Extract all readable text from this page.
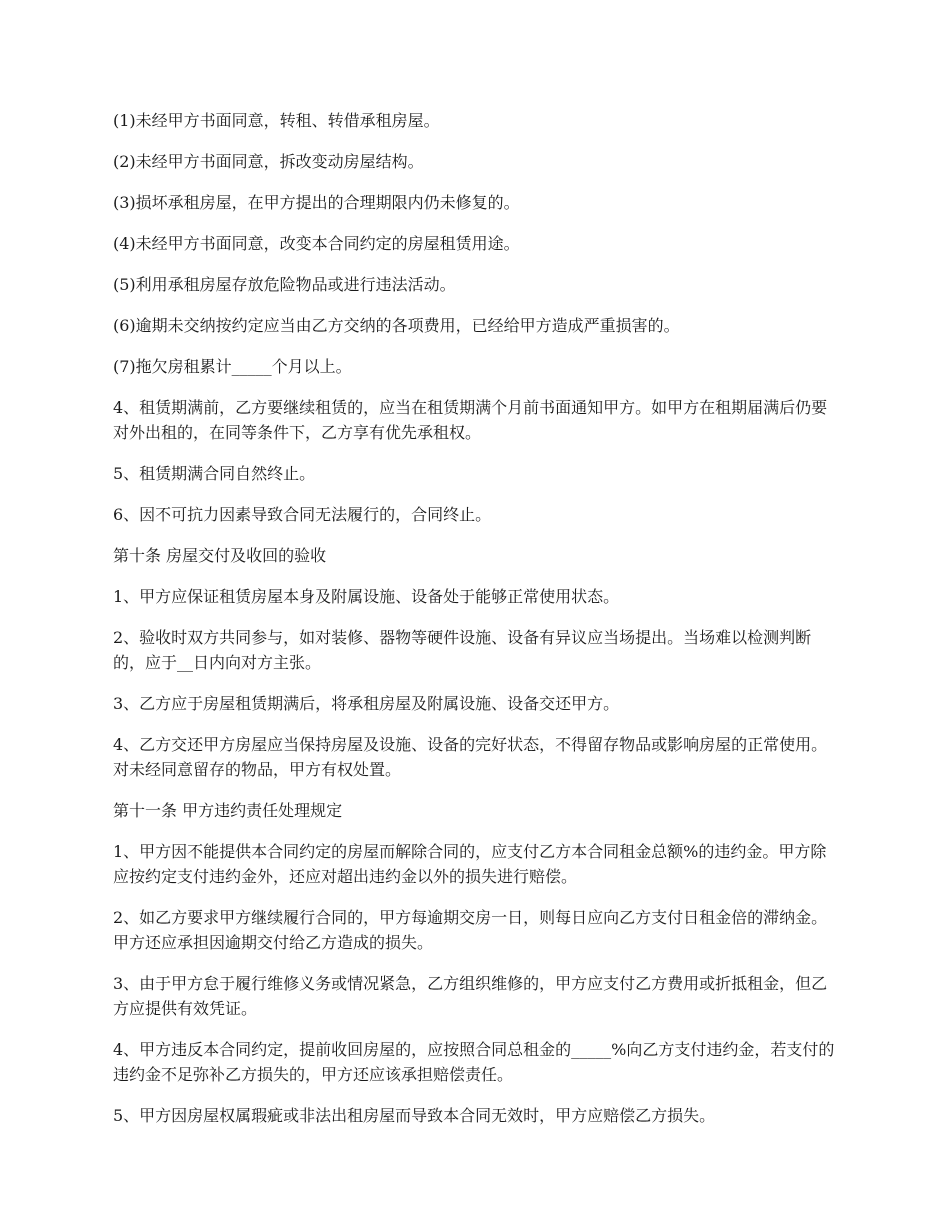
(1)未经甲方书面同意，转租、转借承租房屋。

(2)未经甲方书面同意，拆改变动房屋结构。

(3)损坏承租房屋，在甲方提出的合理期限内仍未修复的。

(4)未经甲方书面同意，改变本合同约定的房屋租赁用途。

(5)利用承租房屋存放危险物品或进行违法活动。

(6)逾期未交纳按约定应当由乙方交纳的各项费用，已经给甲方造成严重损害的。

(7)拖欠房租累计_____个月以上。

4、租赁期满前，乙方要继续租赁的，应当在租赁期满个月前书面通知甲方。如甲方在租期届满后仍要对外出租的，在同等条件下，乙方享有优先承租权。

5、租赁期满合同自然终止。

6、因不可抗力因素导致合同无法履行的，合同终止。

第十条 房屋交付及收回的验收

1、甲方应保证租赁房屋本身及附属设施、设备处于能够正常使用状态。

2、验收时双方共同参与，如对装修、器物等硬件设施、设备有异议应当场提出。当场难以检测判断的，应于__日内向对方主张。

3、乙方应于房屋租赁期满后，将承租房屋及附属设施、设备交还甲方。

4、乙方交还甲方房屋应当保持房屋及设施、设备的完好状态，不得留存物品或影响房屋的正常使用。对未经同意留存的物品，甲方有权处置。

第十一条 甲方违约责任处理规定

1、甲方因不能提供本合同约定的房屋而解除合同的，应支付乙方本合同租金总额%的违约金。甲方除应按约定支付违约金外，还应对超出违约金以外的损失进行赔偿。

2、如乙方要求甲方继续履行合同的，甲方每逾期交房一日，则每日应向乙方支付日租金倍的滞纳金。甲方还应承担因逾期交付给乙方造成的损失。

3、由于甲方怠于履行维修义务或情况紧急，乙方组织维修的，甲方应支付乙方费用或折抵租金，但乙方应提供有效凭证。

4、甲方违反本合同约定，提前收回房屋的，应按照合同总租金的_____%向乙方支付违约金，若支付的违约金不足弥补乙方损失的，甲方还应该承担赔偿责任。

5、甲方因房屋权属瑕疵或非法出租房屋而导致本合同无效时，甲方应赔偿乙方损失。
